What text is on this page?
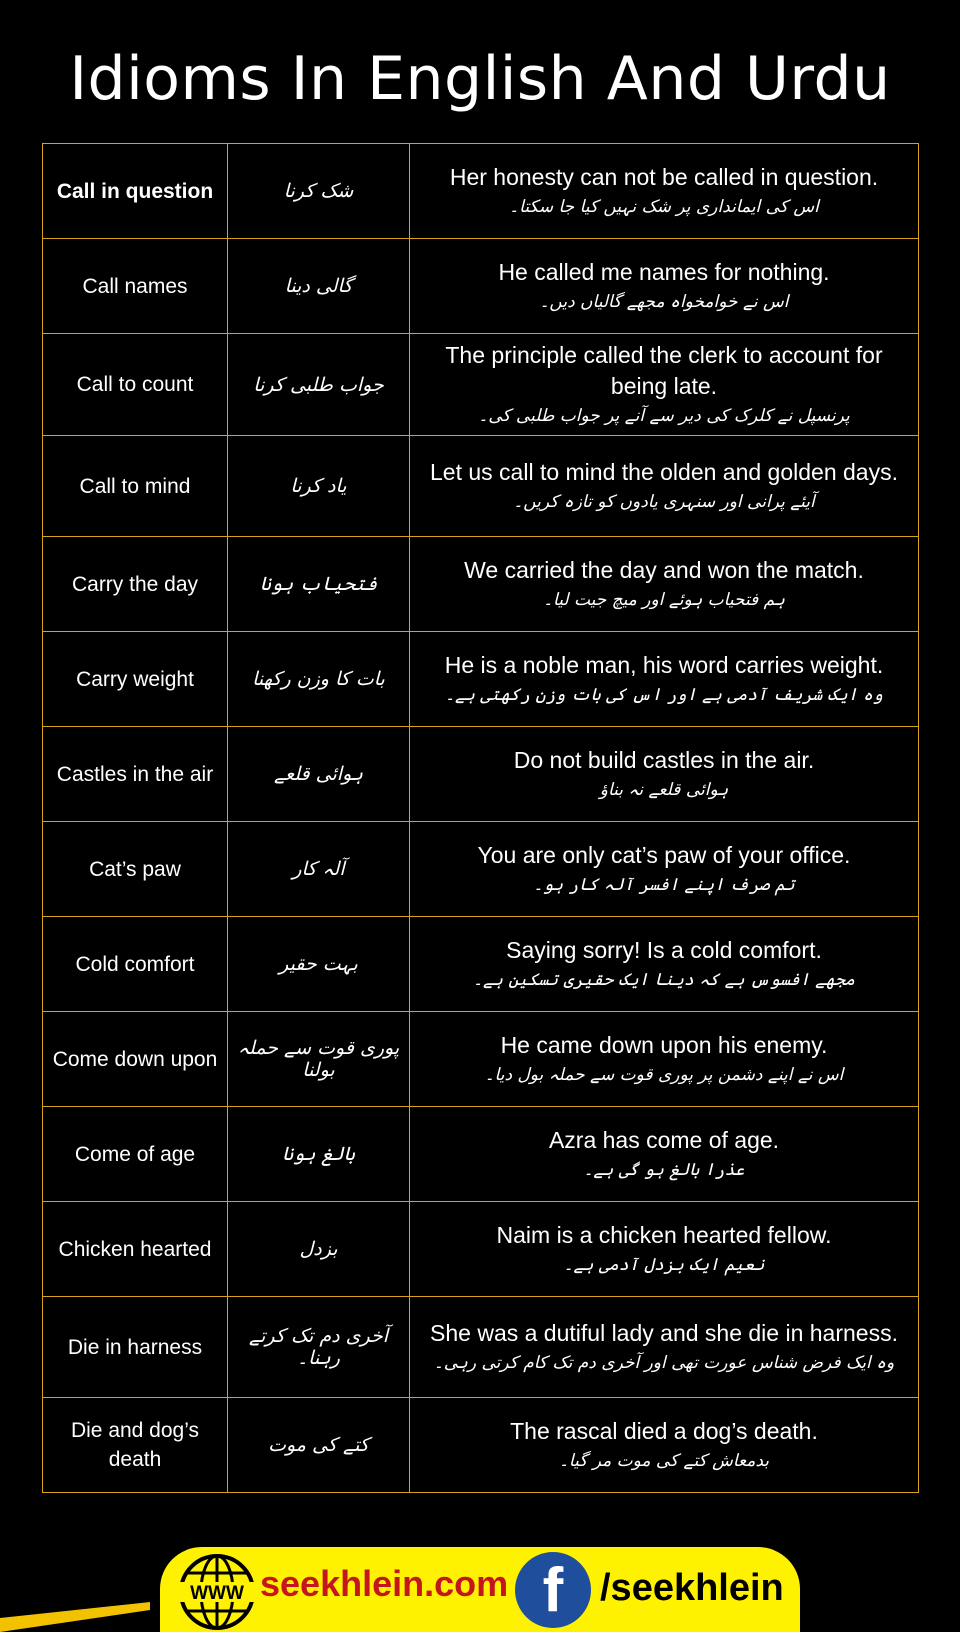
Idioms In English And Urdu
Call in question	شک کرنا	Her honesty can not be called in question.
اس کی ایمانداری پر شک نہیں کیا جا سکتا۔

Call names	گالی دینا	He called me names for nothing.
اس نے خوامخواہ مجھے گالیاں دیں۔

Call to count	جواب طلبی کرنا	The principle called the clerk to account for being late.
پرنسپل نے کلرک کی دیر سے آنے پر جواب طلبی کی۔

Call to mind	یاد کرنا	Let us call to mind the olden and golden days.
آیئے پرانی اور سنہری یادوں کو تازہ کریں۔

Carry the day	فتحیاب ہونا	We carried the day and won the match.
ہم فتحیاب ہوئے اور میچ جیت لیا۔

Carry weight	بات کا وزن رکھنا	He is a noble man, his word carries weight.
وہ ایک شریف آدمی ہے اور اس کی بات وزن رکھتی ہے۔

Castles in the air	ہوائی قلعے	Do not build castles in the air.
ہوائی قلعے نہ بناؤ

Cat’s paw	آلہ کار	You are only cat’s paw of your office.
تم صرف اپنے افسر آلہ کار ہو۔

Cold comfort	بہت حقیر	Saying sorry! Is a cold comfort.
مجھے افسوس ہے کہ دینا ایک حقیری تسکین ہے۔

Come down upon	پوری قوت سے حملہ بولنا	He came down upon his enemy.
اس نے اپنے دشمن پر پوری قوت سے حملہ بول دیا۔

Come of age	بالغ ہونا	Azra has come of age.
عذرا بالغ ہو گی ہے۔

Chicken hearted	بزدل	Naim is a chicken hearted fellow.
نعیم ایک بزدل آدمی ہے۔

Die in harness	آخری دم تک کرتے رہنا۔	She was a dutiful lady and she die in harness.
وہ ایک فرض شناس عورت تھی اور آخری دم تک کام کرتی رہی۔

Die and dog’s death	کتے کی موت	The rascal died a dog’s death.
بدمعاش کتے کی موت مر گیا۔
WWW seekhlein.com f /seekhlein
